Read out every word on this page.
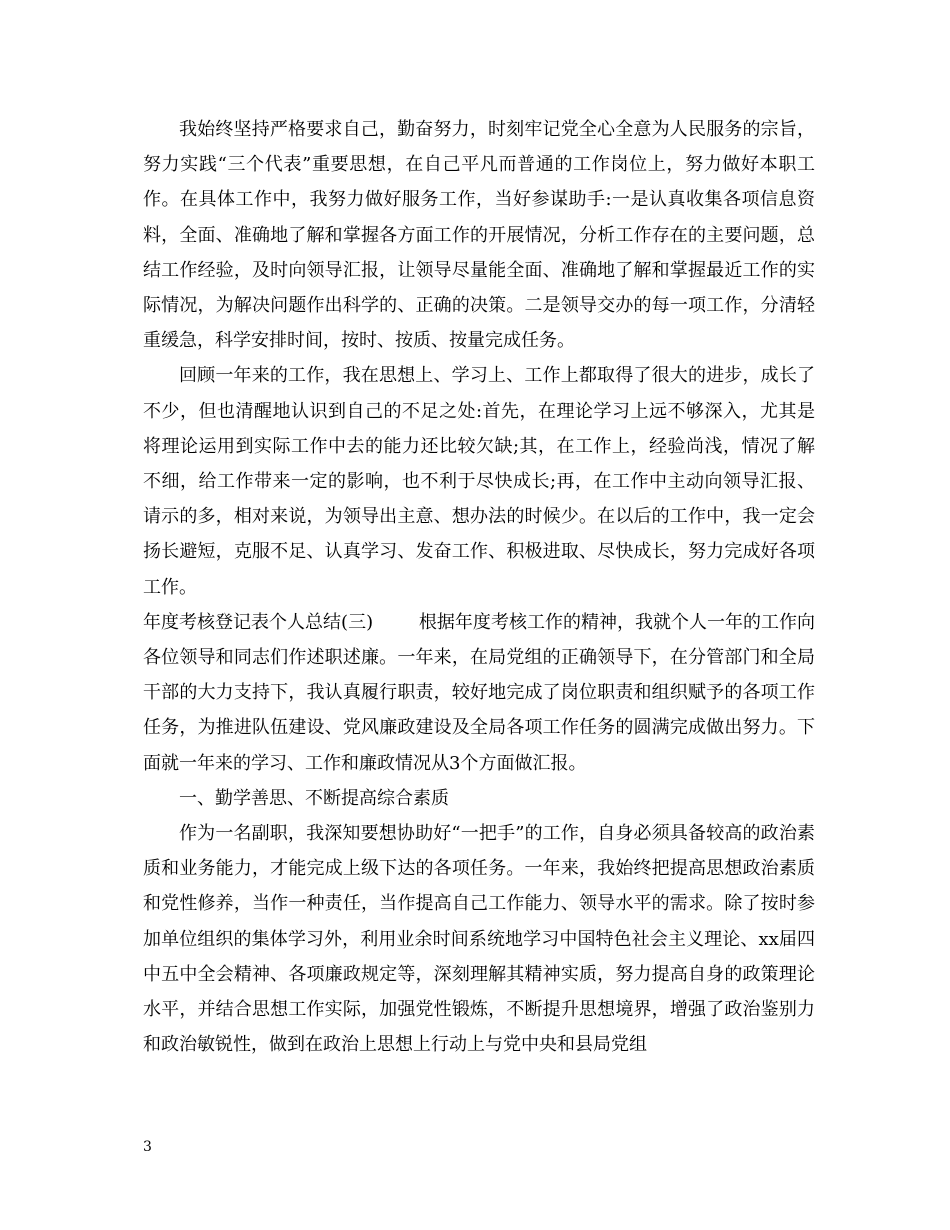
我始终坚持严格要求自己，勤奋努力，时刻牢记党全心全意为人民服务的宗旨，努力实践“三个代表”重要思想，在自己平凡而普通的工作岗位上，努力做好本职工作。在具体工作中，我努力做好服务工作，当好参谋助手:一是认真收集各项信息资料，全面、准确地了解和掌握各方面工作的开展情况，分析工作存在的主要问题，总结工作经验，及时向领导汇报，让领导尽量能全面、准确地了解和掌握最近工作的实际情况，为解决问题作出科学的、正确的决策。二是领导交办的每一项工作，分清轻重缓急，科学安排时间，按时、按质、按量完成任务。

回顾一年来的工作，我在思想上、学习上、工作上都取得了很大的进步，成长了不少，但也清醒地认识到自己的不足之处:首先，在理论学习上远不够深入，尤其是将理论运用到实际工作中去的能力还比较欠缺;其，在工作上，经验尚浅，情况了解不细，给工作带来一定的影响，也不利于尽快成长;再，在工作中主动向领导汇报、请示的多，相对来说，为领导出主意、想办法的时候少。在以后的工作中，我一定会扬长避短，克服不足、认真学习、发奋工作、积极进取、尽快成长，努力完成好各项工作。

年度考核登记表个人总结(三)	根据年度考核工作的精神，我就个人一年的工作向各位领导和同志们作述职述廉。一年来，在局党组的正确领导下，在分管部门和全局干部的大力支持下，我认真履行职责，较好地完成了岗位职责和组织赋予的各项工作任务，为推进队伍建设、党风廉政建设及全局各项工作任务的圆满完成做出努力。下面就一年来的学习、工作和廉政情况从3个方面做汇报。

一、勤学善思、不断提高综合素质

作为一名副职，我深知要想协助好“一把手”的工作，自身必须具备较高的政治素质和业务能力，才能完成上级下达的各项任务。一年来，我始终把提高思想政治素质和党性修养，当作一种责任，当作提高自己工作能力、领导水平的需求。除了按时参加单位组织的集体学习外，利用业余时间系统地学习中国特色社会主义理论、xx届四中五中全会精神、各项廉政规定等，深刻理解其精神实质，努力提高自身的政策理论水平，并结合思想工作实际，加强党性锻炼，不断提升思想境界，增强了政治鉴别力和政治敏锐性，做到在政治上思想上行动上与党中央和县局党组

3
